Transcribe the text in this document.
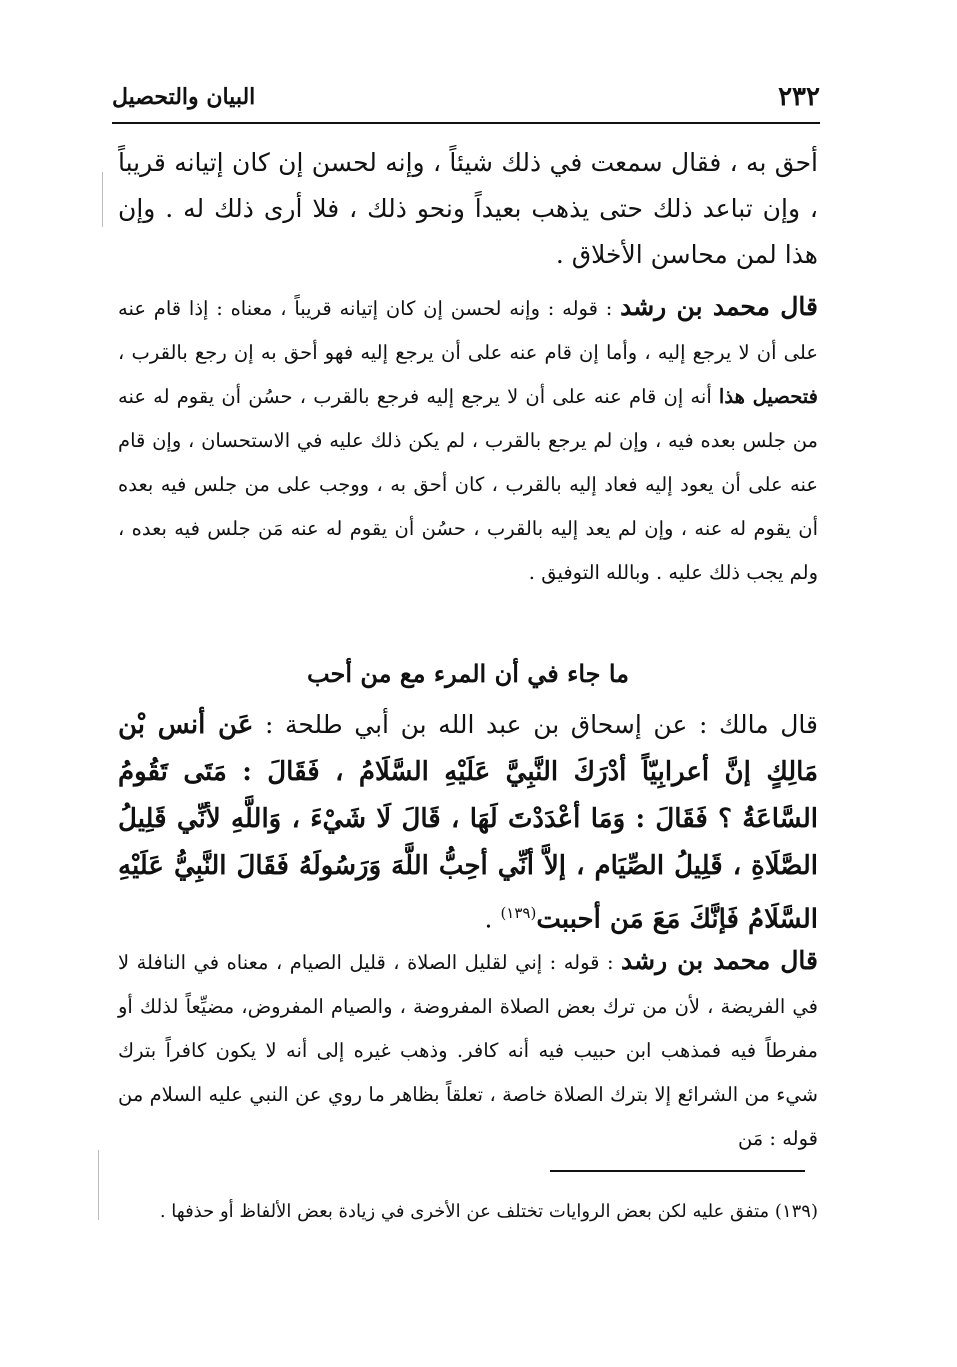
٢٣٢
البيان والتحصيل

أحق به ، فقال سمعت في ذلك شيئاً ، وإنه لحسن إن كان إتيانه قريباً ، وإن تباعد ذلك حتى يذهب بعيداً ونحو ذلك ، فلا أرى ذلك له . وإن هذا لمن محاسن الأخلاق .

قال محمد بن رشد : قوله : وإنه لحسن إن كان إتيانه قريباً ، معناه : إذا قام عنه على أن لا يرجع إليه ، وأما إن قام عنه على أن يرجع إليه فهو أحق به إن رجع بالقرب ، فتحصيل هذا أنه إن قام عنه على أن لا يرجع إليه فرجع بالقرب ، حسُن أن يقوم له عنه من جلس بعده فيه ، وإن لم يرجع بالقرب ، لم يكن ذلك عليه في الاستحسان ، وإن قام عنه على أن يعود إليه فعاد إليه بالقرب ، كان أحق به ، ووجب على من جلس فيه بعده أن يقوم له عنه ، وإن لم يعد إليه بالقرب ، حسُن أن يقوم له عنه مَن جلس فيه بعده ، ولم يجب ذلك عليه . وبالله التوفيق .

ما جاء في أن المرء مع من أحب

قال مالك : عن إسحاق بن عبد الله بن أبي طلحة : عَن أنس بْن مَالِكٍ إنَّ أعرابِيّاً أدْرَكَ النَّبِيَّ عَلَيْهِ السَّلَامُ ، فَقَالَ : مَتَى تَقُومُ السَّاعَةُ ؟ فَقَالَ : وَمَا أعْدَدْتَ لَهَا ، قَالَ لَا شَيْءَ ، وَاللَّهِ لأنِّي قَلِيلُ الصَّلَاةِ ، قَلِيلُ الصِّيَام ، إلاَّ أنِّي أحِبُّ اللَّهَ وَرَسُولَهُ فَقَالَ النَّبِيُّ عَلَيْهِ السَّلَامُ فَإنَّكَ مَعَ مَن أحببت$^{(١٣٩)}$ .

قال محمد بن رشد : قوله : إني لقليل الصلاة ، قليل الصيام ، معناه في النافلة لا في الفريضة ، لأن من ترك بعض الصلاة المفروضة ، والصيام المفروض، مضيِّعاً لذلك أو مفرطاً فيه فمذهب ابن حبيب فيه أنه كافر. وذهب غيره إلى أنه لا يكون كافراً بترك شيء من الشرائع إلا بترك الصلاة خاصة ، تعلقاً بظاهر ما روي عن النبي عليه السلام من قوله : مَن

(١٣٩) متفق عليه لكن بعض الروايات تختلف عن الأخرى في زيادة بعض الألفاظ أو حذفها .
